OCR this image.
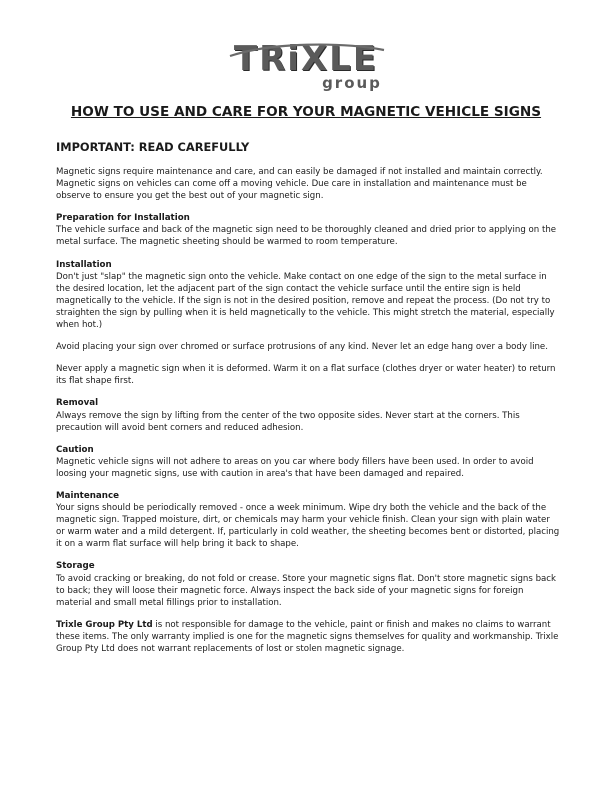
TRiXLE
group
HOW TO USE AND CARE FOR YOUR MAGNETIC VEHICLE SIGNS
IMPORTANT: READ CAREFULLY

Magnetic signs require maintenance and care, and can easily be damaged if not installed and maintain correctly. Magnetic signs on vehicles can come off a moving vehicle. Due care in installation and maintenance must be observe to ensure you get the best out of your magnetic sign.

Preparation for Installation
The vehicle surface and back of the magnetic sign need to be thoroughly cleaned and dried prior to applying on the metal surface. The magnetic sheeting should be warmed to room temperature.
Installation
Don't just "slap" the magnetic sign onto the vehicle. Make contact on one edge of the sign to the metal surface in the desired location, let the adjacent part of the sign contact the vehicle surface until the entire sign is held magnetically to the vehicle. If the sign is not in the desired position, remove and repeat the process. (Do not try to straighten the sign by pulling when it is held magnetically to the vehicle. This might stretch the material, especially when hot.)

Avoid placing your sign over chromed or surface protrusions of any kind. Never let an edge hang over a body line.

Never apply a magnetic sign when it is deformed. Warm it on a flat surface (clothes dryer or water heater) to return its flat shape first.

Removal
Always remove the sign by lifting from the center of the two opposite sides. Never start at the corners. This precaution will avoid bent corners and reduced adhesion.
Caution
Magnetic vehicle signs will not adhere to areas on you car where body fillers have been used. In order to avoid loosing your magnetic signs, use with caution in area's that have been damaged and repaired.
Maintenance
Your signs should be periodically removed - once a week minimum. Wipe dry both the vehicle and the back of the magnetic sign. Trapped moisture, dirt, or chemicals may harm your vehicle finish. Clean your sign with plain water or warm water and a mild detergent. If, particularly in cold weather, the sheeting becomes bent or distorted, placing it on a warm flat surface will help bring it back to shape.
Storage
To avoid cracking or breaking, do not fold or crease. Store your magnetic signs flat. Don't store magnetic signs back to back; they will loose their magnetic force. Always inspect the back side of your magnetic signs for foreign material and small metal fillings prior to installation.

Trixle Group Pty Ltd is not responsible for damage to the vehicle, paint or finish and makes no claims to warrant these items. The only warranty implied is one for the magnetic signs themselves for quality and workmanship. Trixle Group Pty Ltd does not warrant replacements of lost or stolen magnetic signage.
